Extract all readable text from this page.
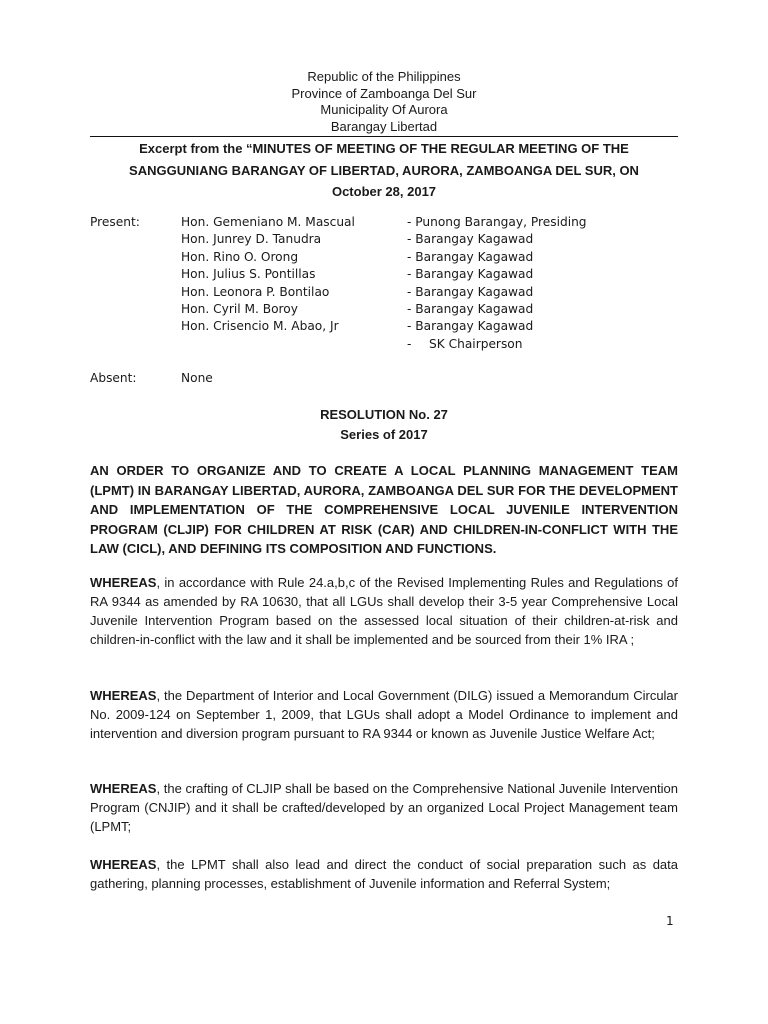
Republic of the Philippines
Province of Zamboanga Del Sur
Municipality Of Aurora
Barangay Libertad
Excerpt from the “MINUTES OF MEETING OF THE REGULAR MEETING OF THE
SANGGUNIANG BARANGAY OF LIBERTAD, AURORA, ZAMBOANGA DEL SUR, ON
October 28, 2017
Present:	Hon. Gemeniano M. Mascual
Hon. Junrey D. Tanudra
Hon. Rino O. Orong
Hon. Julius S. Pontillas
Hon. Leonora P. Bontilao
Hon. Cyril M. Boroy
Hon. Crisencio M. Abao, Jr
- Punong Barangay, Presiding
- Barangay Kagawad
- Barangay Kagawad
- Barangay Kagawad
- Barangay Kagawad
- Barangay Kagawad
- Barangay Kagawad
- SK Chairperson
Absent:	None
RESOLUTION No. 27
Series of 2017
AN ORDER TO ORGANIZE AND TO CREATE A LOCAL PLANNING MANAGEMENT TEAM (LPMT) IN BARANGAY LIBERTAD, AURORA, ZAMBOANGA DEL SUR FOR THE DEVELOPMENT AND IMPLEMENTATION OF THE COMPREHENSIVE LOCAL JUVENILE INTERVENTION PROGRAM (CLJIP) FOR CHILDREN AT RISK (CAR) AND CHILDREN-IN-CONFLICT WITH THE LAW (CICL), AND DEFINING ITS COMPOSITION AND FUNCTIONS.
WHEREAS, in accordance with Rule 24.a,b,c of the Revised Implementing Rules and Regulations of RA 9344 as amended by RA 10630, that all LGUs shall develop their 3-5 year Comprehensive Local Juvenile Intervention Program based on the assessed local situation of their children-at-risk and children-in-conflict with the law and it shall be implemented and be sourced from their 1% IRA ;
WHEREAS, the Department of Interior and Local Government (DILG) issued a Memorandum Circular No. 2009-124 on September 1, 2009, that LGUs shall adopt a Model Ordinance to implement and intervention and diversion program pursuant to RA 9344 or known as Juvenile Justice Welfare Act;
WHEREAS, the crafting of CLJIP shall be based on the Comprehensive National Juvenile Intervention Program (CNJIP) and it shall be crafted/developed by an organized Local Project Management team (LPMT;
WHEREAS, the LPMT shall also lead and direct the conduct of social preparation such as data gathering, planning processes, establishment of Juvenile information and Referral System;
1
